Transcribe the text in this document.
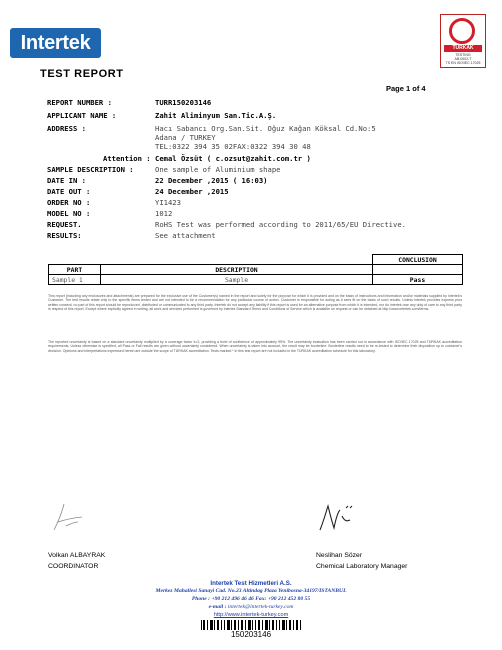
Intertek	TÜRKAK
TESTING
AB-0002-T
TS EN ISO/IEC 17025
TEST REPORT
Page 1 of 4
REPORT NUMBER :	TURR150203146
APPLICANT NAME :	Zahit Aliminyum San.Tic.A.Ş.
ADDRESS :	Hacı Sabancı Org.San.Sit. Oğuz Kağan Köksal Cd.No:5
Adana / TURKEY
TEL:0322 394 35 02FAX:0322 394 30 48
Attention : Cemal Özsüt ( c.ozsut@zahit.com.tr )
SAMPLE DESCRIPTION :	One sample of Aluminium shape
DATE IN :	22 December ,2015 ( 16:03)
DATE OUT :	24 December ,2015
ORDER NO :	YI1423
MODEL NO :	1012
REQUEST.	RoHS Test was performed according to 2011/65/EU Directive.
RESULTS:	See attachment
		CONCLUSION
PART	DESCRIPTION	
Sample 1	Sample	Pass

This report (including any enclosures and attachments) are prepared for the exclusive use of the Customer(s) named in the report and solely for the purpose for which it is provided and on the basis of instructions and information and/or materials supplied by Intertek's Customer. The test results relate only to the specific items tested and are not intended to be a recommendation for any particular course of action. Customer is responsible for acting as it sees fit on the basis of such results. Unless Intertek provides express prior written consent, no part of this report should be reproduced, distributed or communicated to any third party. Intertek do not accept any liability if this report is used for an alternative purpose from which it is intended, nor do Intertek owe any duty of care to any third party in respect of this report. Except where explicitly agreed in writing, all work and services performed is governed by Intertek Standard Terms and Conditions of Service which is available on request or can be obtained at http://www.intertek.com/terms.

The reported uncertainty is based on a standard uncertainty multiplied by a coverage factor k=2, providing a level of confidence of approximately 95%. The uncertainty evaluation has been carried out in accordance with ISO/IEC 17025 and TÜRKAK accreditation requirements. Unless otherwise is specified, all Pass or Fail results are given without uncertainty considered. When uncertainty is taken into account, the result may be borderline. Borderline results need to be re-tested to determine their disposition up to customer's decision. Opinions and interpretations expressed herein are outside the scope of TÜRKAK accreditation. Tests marked * in this test report are not included in the TÜRKAK accreditation schedule for this laboratory.

Volkan ALBAYRAK
COORDINATOR
Neslihan Sözer
Chemical Laboratory Manager
Intertek Test Hizmetleri A.S.
Merkez Mahallesi Sanayi Cad. No.23 Altindag Plaza Yenibosna-34197/ISTANBUL
Phone : +90 212 496 46 46 Fax: +90 212 452 80 55
e-mail : intertek@intertek-turkey.com
http://www.intertek-turkey.com
150203146
